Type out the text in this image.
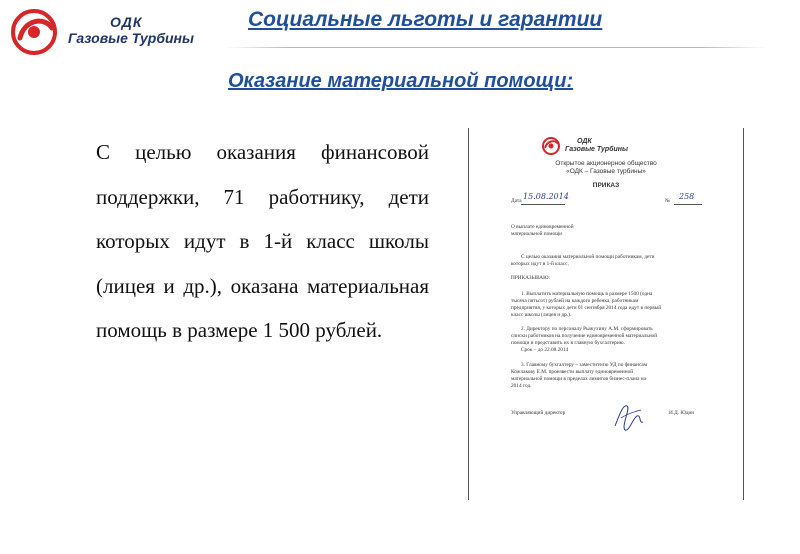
ОДК
Газовые Турбины
Социальные льготы и гарантии
Оказание материальной помощи:
С целью оказания финансовой поддержки, 71 работнику, дети которых идут в 1-й класс школы (лицея и др.), оказана материальная помощь в размере 1 500 рублей.
ОДК
Газовые Турбины
Открытое акционерное общество
«ОДК – Газовые турбины»
ПРИКАЗ
Дата 15.08.2014	№ 258
О выплате единовременной
материальной помощи
С целью оказания материальной помощи работникам, дети
которых идут в 1-й класс,
ПРИКАЗЫВАЮ:
1. Выплатить материальную помощь в размере 1500 (одна
тысяча пятьсот) рублей на каждого ребенка, работникам
предприятия, у которых дети 01 сентября 2014 года идут в первый
класс школы (лицея и др.).
2. Директору по персоналу Рыжухину А.М. сформировать
списки работников на получение единовременной материальной
помощи и представить их в главную бухгалтерию.
Срок – до 22.08.2014
3. Главному бухгалтеру – заместителю УД по финансам
Кожлакову Е.М. произвести выплату единовременной
материальной помощи в пределах лимитов бизнес-плана на
2014 год.
Управляющий директор	И.Д. Юдин
